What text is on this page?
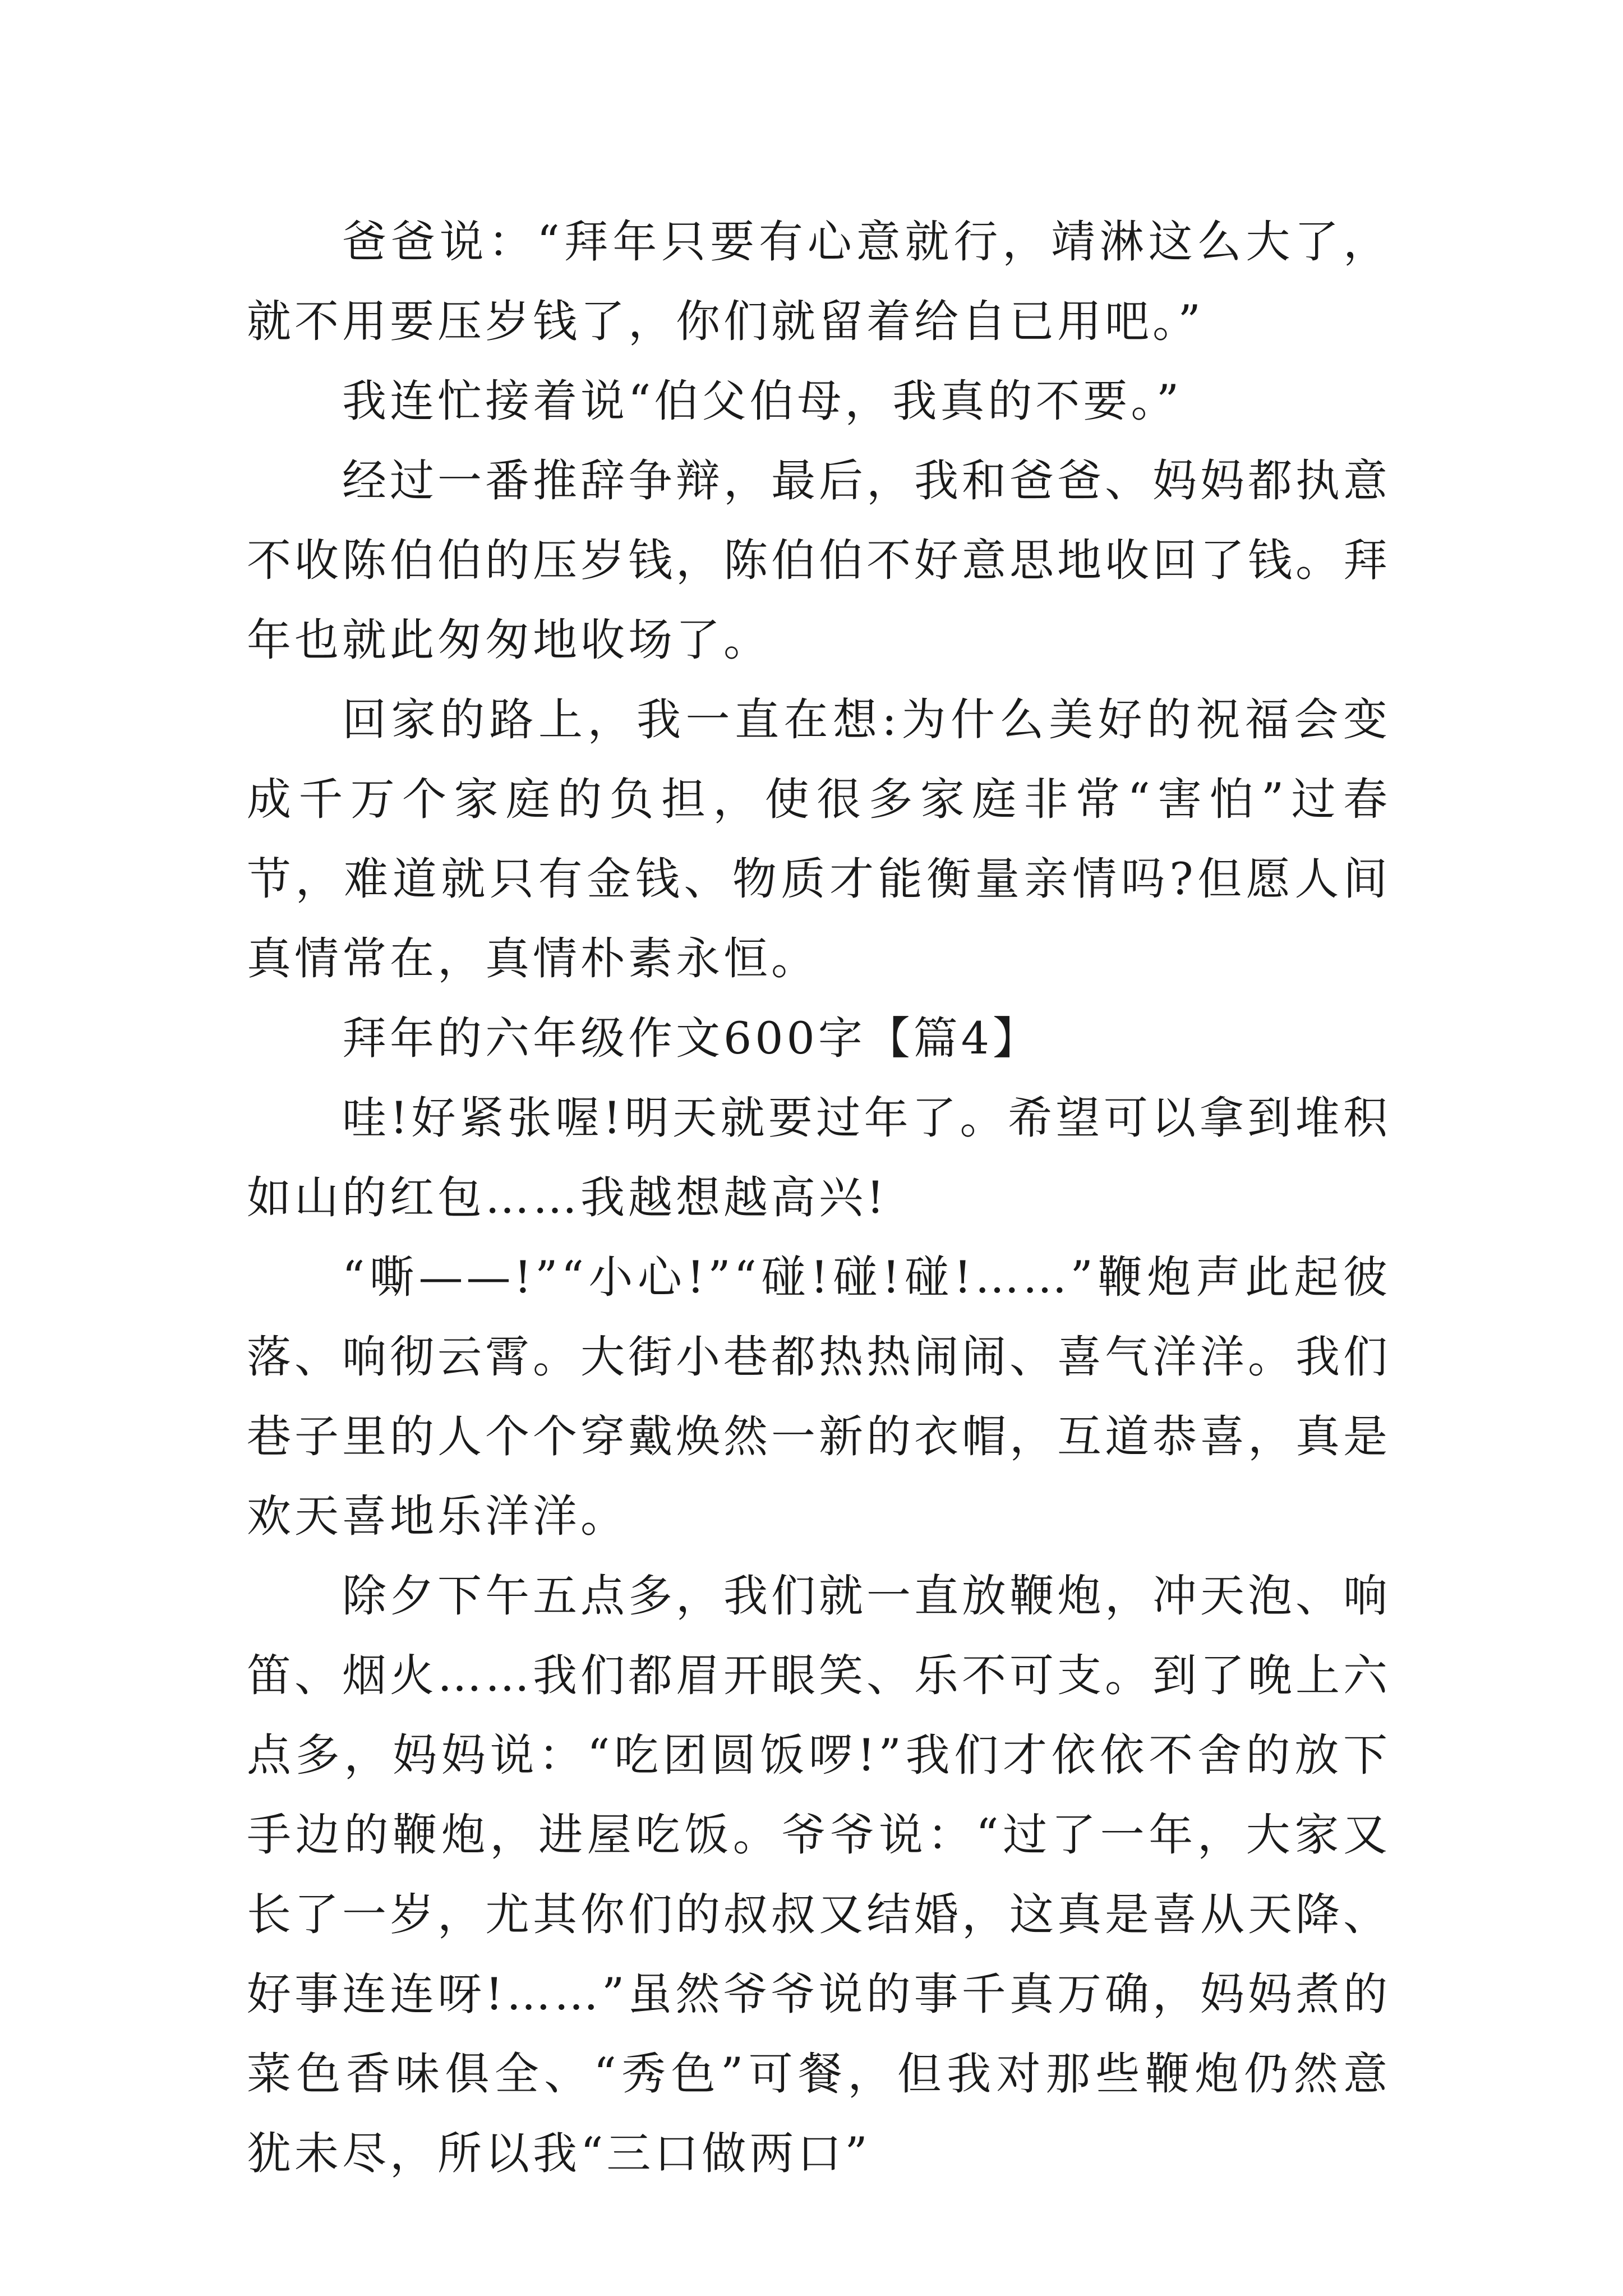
爸爸说：“拜年只要有心意就行，靖淋这么大了，就不用要压岁钱了，你们就留着给自已用吧。”

我连忙接着说“伯父伯母，我真的不要。”

经过一番推辞争辩，最后，我和爸爸、妈妈都执意不收陈伯伯的压岁钱，陈伯伯不好意思地收回了钱。拜年也就此匆匆地收场了。

回家的路上，我一直在想:为什么美好的祝福会变成千万个家庭的负担，使很多家庭非常“害怕”过春节，难道就只有金钱、物质才能衡量亲情吗?但愿人间真情常在，真情朴素永恒。

拜年的六年级作文600字【篇4】

哇!好紧张喔!明天就要过年了。希望可以拿到堆积如山的红包……我越想越高兴!

“嘶——!”“小心!”“碰!碰!碰!……”鞭炮声此起彼落、响彻云霄。大街小巷都热热闹闹、喜气洋洋。我们巷子里的人个个穿戴焕然一新的衣帽，互道恭喜，真是欢天喜地乐洋洋。

除夕下午五点多，我们就一直放鞭炮，冲天泡、响笛、烟火……我们都眉开眼笑、乐不可支。到了晚上六点多，妈妈说：“吃团圆饭啰!”我们才依依不舍的放下手边的鞭炮，进屋吃饭。爷爷说：“过了一年，大家又长了一岁，尤其你们的叔叔又结婚，这真是喜从天降、好事连连呀!……”虽然爷爷说的事千真万确，妈妈煮的菜色香味俱全、“秀色”可餐，但我对那些鞭炮仍然意犹未尽，所以我“三口做两口”
